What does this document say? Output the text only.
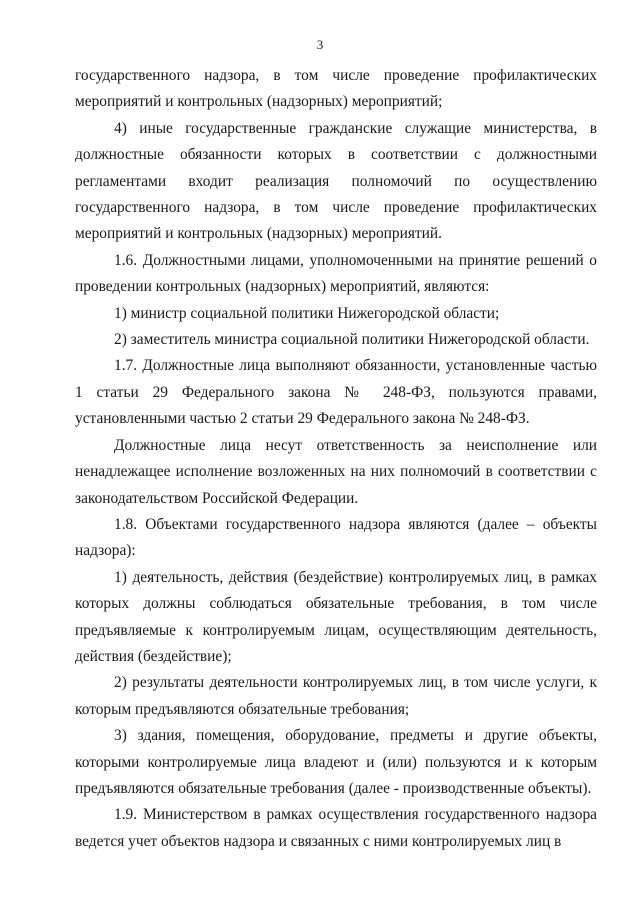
3

государственного надзора, в том числе проведение профилактических мероприятий и контрольных (надзорных) мероприятий;

4) иные государственные гражданские служащие министерства, в должностные обязанности которых в соответствии с должностными регламентами входит реализация полномочий по осуществлению государственного надзора, в том числе проведение профилактических мероприятий и контрольных (надзорных) мероприятий.

1.6. Должностными лицами, уполномоченными на принятие решений о проведении контрольных (надзорных) мероприятий, являются:

1) министр социальной политики Нижегородской области;

2) заместитель министра социальной политики Нижегородской области.

1.7. Должностные лица выполняют обязанности, установленные частью 1 статьи 29 Федерального закона № 248-ФЗ, пользуются правами, установленными частью 2 статьи 29 Федерального закона № 248-ФЗ.

Должностные лица несут ответственность за неисполнение или ненадлежащее исполнение возложенных на них полномочий в соответствии с законодательством Российской Федерации.

1.8. Объектами государственного надзора являются (далее – объекты надзора):

1) деятельность, действия (бездействие) контролируемых лиц, в рамках которых должны соблюдаться обязательные требования, в том числе предъявляемые к контролируемым лицам, осуществляющим деятельность, действия (бездействие);

2) результаты деятельности контролируемых лиц, в том числе услуги, к которым предъявляются обязательные требования;

3) здания, помещения, оборудование, предметы и другие объекты, которыми контролируемые лица владеют и (или) пользуются и к которым предъявляются обязательные требования (далее - производственные объекты).

1.9. Министерством в рамках осуществления государственного надзора ведется учет объектов надзора и связанных с ними контролируемых лиц в
